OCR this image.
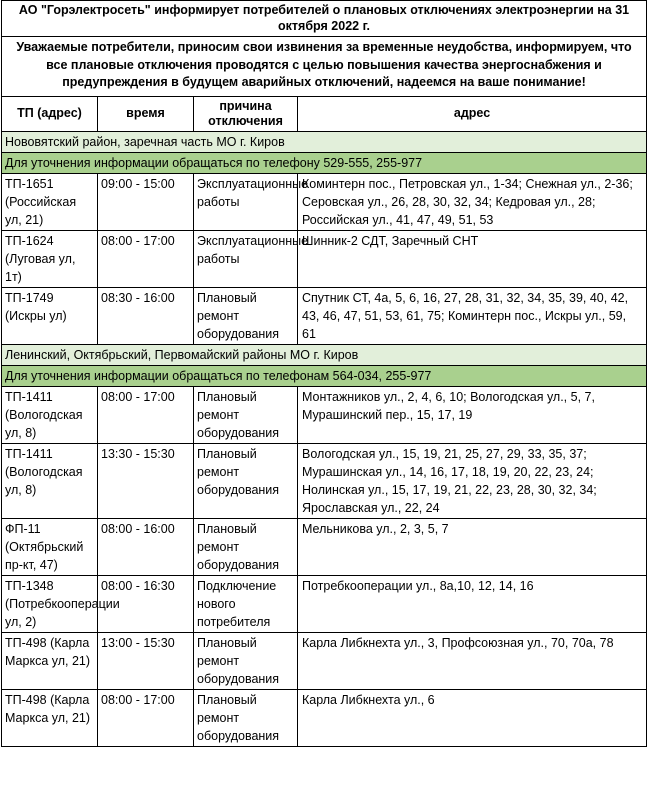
АО "Горэлектросеть" информирует потребителей о плановых отключениях электроэнергии на 31 октября 2022 г.			
Уважаемые потребители, приносим свои извинения за временные неудобства, информируем, что все плановые отключения проводятся с целью повышения качества энергоснабжения и предупреждения в будущем аварийных отключений, надеемся на ваше понимание!			
ТП (адрес)	время	причина отключения	адрес
Нововятский район, заречная часть МО г. Киров			
Для уточнения информации обращаться по телефону 529-555, 255-977			
ТП-1651 (Российская ул, 21)	09:00 - 15:00	Эксплуатационные работы	Коминтерн пос., Петровская ул., 1-34; Снежная ул., 2-36; Серовская ул., 26, 28, 30, 32, 34; Кедровая ул., 28; Российская ул., 41, 47, 49, 51, 53
ТП-1624 (Луговая ул, 1т)	08:00 - 17:00	Эксплуатационные работы	Шинник-2 СДТ, Заречный СНТ
ТП-1749 (Искры ул)	08:30 - 16:00	Плановый ремонт оборудования	Спутник СТ, 4а, 5, 6, 16, 27, 28, 31, 32, 34, 35, 39, 40, 42, 43, 46, 47, 51, 53, 61, 75; Коминтерн пос., Искры ул., 59, 61
Ленинский, Октябрьский, Первомайский районы МО г. Киров			
Для уточнения информации обращаться по телефонам 564-034, 255-977			
ТП-1411 (Вологодская ул, 8)	08:00 - 17:00	Плановый ремонт оборудования	Монтажников ул., 2, 4, 6, 10; Вологодская ул., 5, 7, Мурашинский пер., 15, 17, 19
ТП-1411 (Вологодская ул, 8)	13:30 - 15:30	Плановый ремонт оборудования	Вологодская ул., 15, 19, 21, 25, 27, 29, 33, 35, 37; Мурашинская ул., 14, 16, 17, 18, 19, 20, 22, 23, 24; Нолинская ул., 15, 17, 19, 21, 22, 23, 28, 30, 32, 34; Ярославская ул., 22, 24
ФП-11 (Октябрьский пр-кт, 47)	08:00 - 16:00	Плановый ремонт оборудования	Мельникова ул., 2, 3, 5, 7
ТП-1348 (Потребкооперации ул, 2)	08:00 - 16:30	Подключение нового потребителя	Потребкооперации ул., 8а,10, 12, 14, 16
ТП-498 (Карла Маркса ул, 21)	13:00 - 15:30	Плановый ремонт оборудования	Карла Либкнехта ул., 3, Профсоюзная ул., 70, 70а, 78
ТП-498 (Карла Маркса ул, 21)	08:00 - 17:00	Плановый ремонт оборудования	Карла Либкнехта ул., 6
